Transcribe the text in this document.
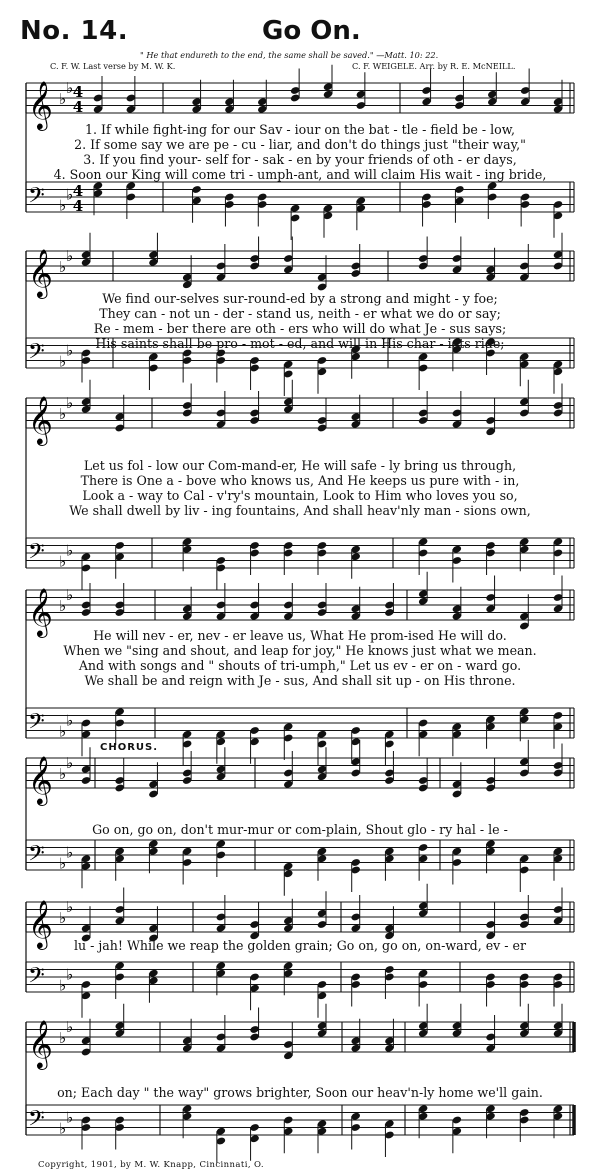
No. 14.	Go On.
" He that endureth to the end, the same shall be saved." —Matt. 10: 22.
C. F. W. Last verse by M. W. K.	C. F. WEIGELE. Arr. by R. E. McNEILL.
𝄞 ♭
♭
𝄢 ♭
♭
4
4
4
4
𝄞 ♭
♭
𝄢 ♭
♭
𝄞 ♭
♭
𝄢 ♭
♭
𝄞 ♭
♭
𝄢 ♭
♭
𝄞 ♭
♭
𝄢 ♭
♭
𝄞 ♭
♭
𝄢 ♭
♭
𝄞 ♭
♭
𝄢 ♭
♭
1. If while fight-ing for our Sav - iour on the bat - tle - field be - low,
2. If some say we are pe - cu - liar, and don't do things just "their way,"
3. If you find your- self for - sak - en by your friends of oth - er days,
4. Soon our King will come tri - umph-ant, and will claim His wait - ing bride,
We find our-selves sur-round-ed by a strong and might - y foe;
They can - not un - der - stand us, neith - er what we do or say;
Re - mem - ber there are oth - ers who will do what Je - sus says;
His saints shall be pro - mot - ed, and will in His char - iots ride;
Let us fol - low our Com-mand-er, He will safe - ly bring us through,
There is One a - bove who knows us, And He keeps us pure with - in,
Look a - way to Cal - v'ry's mountain, Look to Him who loves you so,
We shall dwell by liv - ing fountains, And shall heav'nly man - sions own,
He will nev - er, nev - er leave us, What He prom-ised He will do.
When we "sing and shout, and leap for joy," He knows just what we mean.
And with songs and " shouts of tri-umph," Let us ev - er on - ward go.
We shall be and reign with Je - sus, And shall sit up - on His throne.
Go on, go on, don't mur-mur or com-plain, Shout glo - ry hal - le -
lu - jah! While we reap the golden grain; Go on, go on, on-ward, ev - er
on; Each day " the way" grows brighter, Soon our heav'n-ly home we'll gain.
CHORUS.
Copyright, 1901, by M. W. Knapp, Cincinnati, O.
